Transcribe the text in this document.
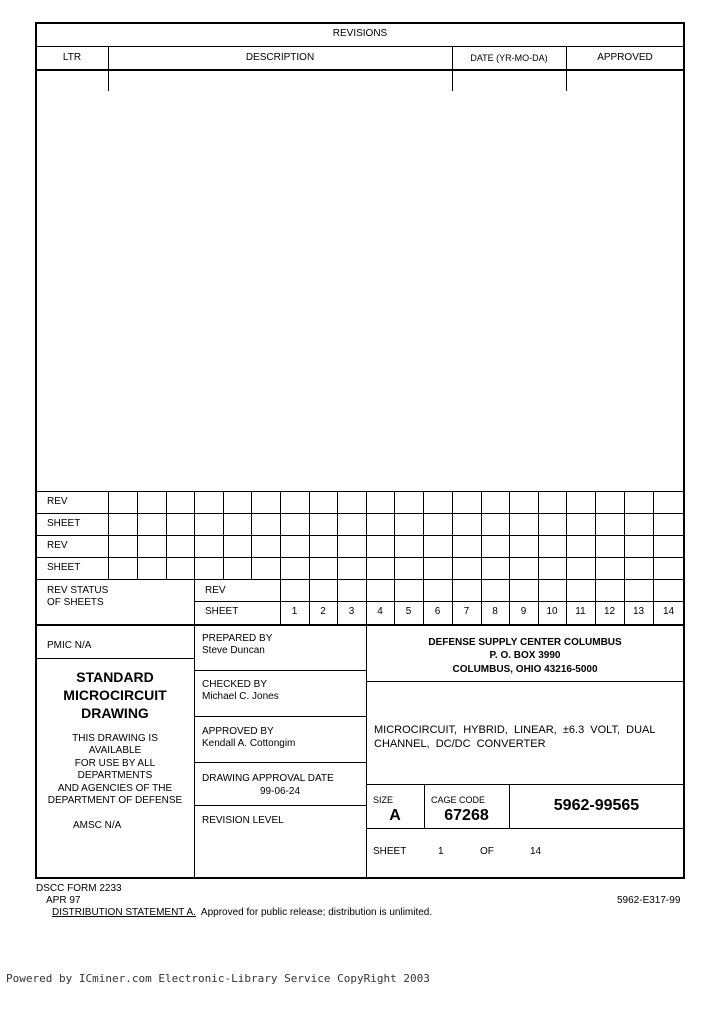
REVISIONS
LTR	DESCRIPTION	DATE (YR-MO-DA)	APPROVED
REV
SHEET
REV
SHEET
REV STATUS
OF SHEETS
REV
SHEET	1	2	3	4	5	6	7	8	9	10	11	12	13	14
PMIC N/A
STANDARD
MICROCIRCUIT
DRAWING
THIS DRAWING IS
AVAILABLE
FOR USE BY ALL
DEPARTMENTS
AND AGENCIES OF THE
DEPARTMENT OF DEFENSE
AMSC N/A
PREPARED BY
Steve Duncan
CHECKED BY
Michael C. Jones
APPROVED BY
Kendall A. Cottongim
DRAWING APPROVAL DATE
99-06-24
REVISION LEVEL
DEFENSE SUPPLY CENTER COLUMBUS
P. O. BOX 3990
COLUMBUS, OHIO 43216-5000
MICROCIRCUIT,  HYBRID,  LINEAR,  ±6.3  VOLT,  DUAL
CHANNEL,  DC/DC  CONVERTER
SIZE
A
CAGE CODE
67268
5962-99565
SHEET	1	OF	14
DSCC FORM 2233
APR 97	5962-E317-99
DISTRIBUTION STATEMENT A.  Approved for public release; distribution is unlimited.
Powered by ICminer.com Electronic-Library Service CopyRight 2003
